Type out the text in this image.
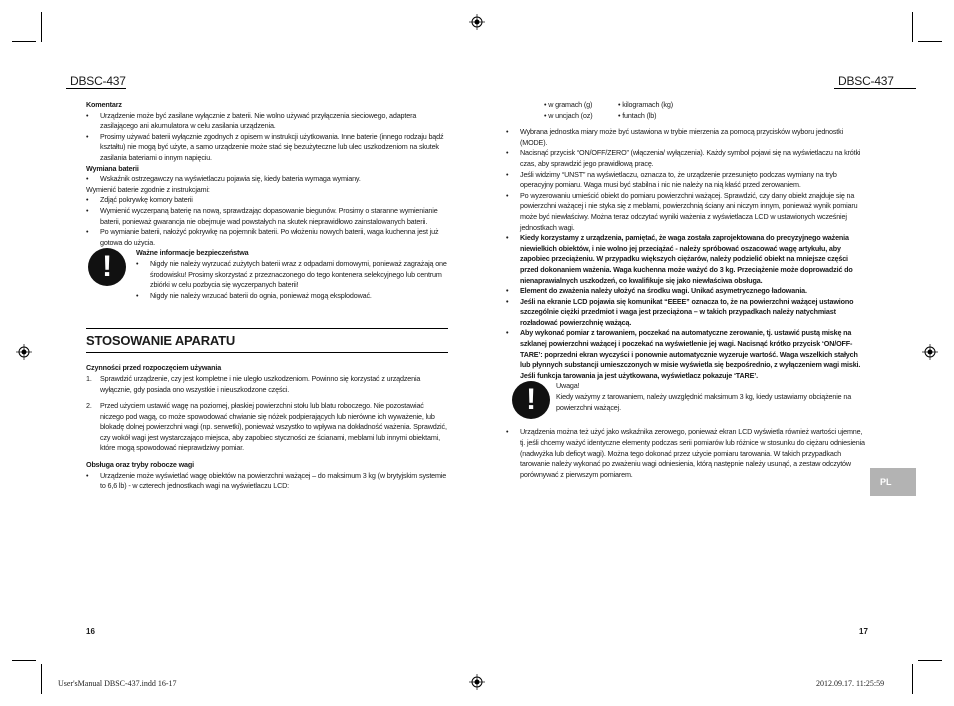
DBSC-437	DBSC-437

Komentarz

• Urządzenie może być zasilane wyłącznie z baterii. Nie wolno używać przyłączenia sieciowego, adaptera zasilającego ani akumulatora w celu zasilania urządzenia.

• Prosimy używać baterii wyłącznie zgodnych z opisem w instrukcji użytkowania. Inne baterie (innego rodzaju bądź kształtu) nie mogą być użyte, a samo urządzenie może stać się bezużyteczne lub ulec uszkodzeniom na skutek zasilania bateriami o innym napięciu.

Wymiana baterii

• Wskaźnik ostrzegawczy na wyświetlaczu pojawia się, kiedy bateria wymaga wymiany.

Wymienić baterie zgodnie z instrukcjami:

• Zdjąć pokrywkę komory baterii

• Wymienić wyczerpaną baterię na nową, sprawdzając dopasowanie biegunów. Prosimy o staranne wymienianie baterii, ponieważ gwarancja nie obejmuje wad powstałych na skutek nieprawidłowo zainstalowanych baterii.

• Po wymianie baterii, nałożyć pokrywkę na pojemnik baterii. Po włożeniu nowych baterii, waga kuchenna jest już gotowa do użycia.

!	Ważne informacje bezpieczeństwa

• Nigdy nie należy wyrzucać zużytych baterii wraz z odpadami domowymi, ponieważ zagrażają one środowisku! Prosimy skorzystać z przeznaczonego do tego kontenera selekcyjnego lub centrum zbiórki w celu pozbycia się wyczerpanych baterii!

• Nigdy nie należy wrzucać baterii do ognia, ponieważ mogą eksplodować.

STOSOWANIE APARATU

Czynności przed rozpoczęciem używania

1. Sprawdzić urządzenie, czy jest kompletne i nie uległo uszkodzeniom. Powinno się korzystać z urządzenia wyłącznie, gdy posiada ono wszystkie i nieuszkodzone części.
2. Przed użyciem ustawić wagę na poziomej, płaskiej powierzchni stołu lub blatu roboczego. Nie pozostawiać niczego pod wagą, co może spowodować chwianie się nóżek podpierających lub nierówne ich wyważenie, lub blokadę dolnej powierzchni wagi (np. serwetki), ponieważ wszystko to wpływa na dokładność ważenia. Sprawdzić, czy wokół wagi jest wystarczająco miejsca, aby zapobiec styczności ze ścianami, meblami lub innymi obiektami, które mogą spowodować nieprawdziwy pomiar.

Obsługa oraz tryby robocze wagi

• Urządzenie może wyświetlać wagę obiektów na powierzchni ważącej – do maksimum 3 kg (w brytyjskim systemie to 6,6 lb) - w czterech jednostkach wagi na wyświetlaczu LCD:

16
• w gramach (g)	• kilogramach (kg)
• w uncjach (oz)	• funtach (lb)

• Wybrana jednostka miary może być ustawiona w trybie mierzenia za pomocą przycisków wyboru jednostki (MODE).

• Nacisnąć przycisk “ON/OFF/ZERO” (włączenia/ wyłączenia). Każdy symbol pojawi się na wyświetlaczu na krótki czas, aby sprawdzić jego prawidłową pracę.

• Jeśli widzimy “UNST” na wyświetlaczu, oznacza to, że urządzenie przesunięto podczas wymiany na tryb operacyjny pomiaru. Waga musi być stabilna i nic nie należy na nią kłaść przed zerowaniem.

• Po wyzerowaniu umieścić obiekt do pomiaru powierzchni ważącej. Sprawdzić, czy dany obiekt znajduje się na powierzchni ważącej i nie styka się z meblami, powierzchnią ściany ani niczym innym, ponieważ wynik pomiaru może być niewłaściwy. Można teraz odczytać wyniki ważenia z wyświetlacza LCD w ustawionych wcześniej jednostkach wagi.

• Kiedy korzystamy z urządzenia, pamiętać, że waga została zaprojektowana do precyzyjnego ważenia niewielkich obiektów, i nie wolno jej przeciążać - należy spróbować oszacować wagę artykułu, aby zapobiec przeciążeniu. W przypadku większych ciężarów, należy podzielić obiekt na mniejsze części przed dokonaniem ważenia. Waga kuchenna może ważyć do 3 kg. Przeciążenie może doprowadzić do nienaprawialnych uszkodzeń, co kwalifikuje się jako niewłaściwa obsługa.

• Element do zważenia należy ułożyć na środku wagi. Unikać asymetrycznego ładowania.

• Jeśli na ekranie LCD pojawia się komunikat “EEEE” oznacza to, że na powierzchni ważącej ustawiono szczególnie ciężki przedmiot i waga jest przeciążona – w takich przypadkach należy natychmiast rozładować powierzchnię ważącą.

• Aby wykonać pomiar z tarowaniem, poczekać na automatyczne zerowanie, tj. ustawić pustą miskę na szklanej powierzchni ważącej i poczekać na wyświetlenie jej wagi. Nacisnąć krótko przycisk ‘ON/OFF-TARE’: poprzedni ekran wyczyści i ponownie automatycznie wyzeruje wartość. Waga wszelkich stałych lub płynnych substancji umieszczonych w misie wyświetla się bezpośrednio, z wyłączeniem wagi miski. Jeśli funkcja tarowania ja jest użytkowana, wyświetlacz pokazuje ‘TARE’.

!	Uwaga!

Kiedy ważymy z tarowaniem, należy uwzględnić maksimum 3 kg, kiedy ustawiamy obciążenie na powierzchni ważącej.

• Urządzenia można też użyć jako wskaźnika zerowego, ponieważ ekran LCD wyświetla również wartości ujemne, tj. jeśli chcemy ważyć identyczne elementy podczas serii pomiarów lub różnice w stosunku do ciężaru odniesienia (nadwyżka lub deficyt wagi). Można tego dokonać przez użycie pomiaru tarowania. W takich przypadkach tarowanie należy wykonać po zważeniu wagi odniesienia, którą następnie należy usunąć, a zestaw odczytów porównywać z pierwszym pomiarem.

17
PL
User'sManual DBSC-437.indd 16-17	2012.09.17. 11:25:59
